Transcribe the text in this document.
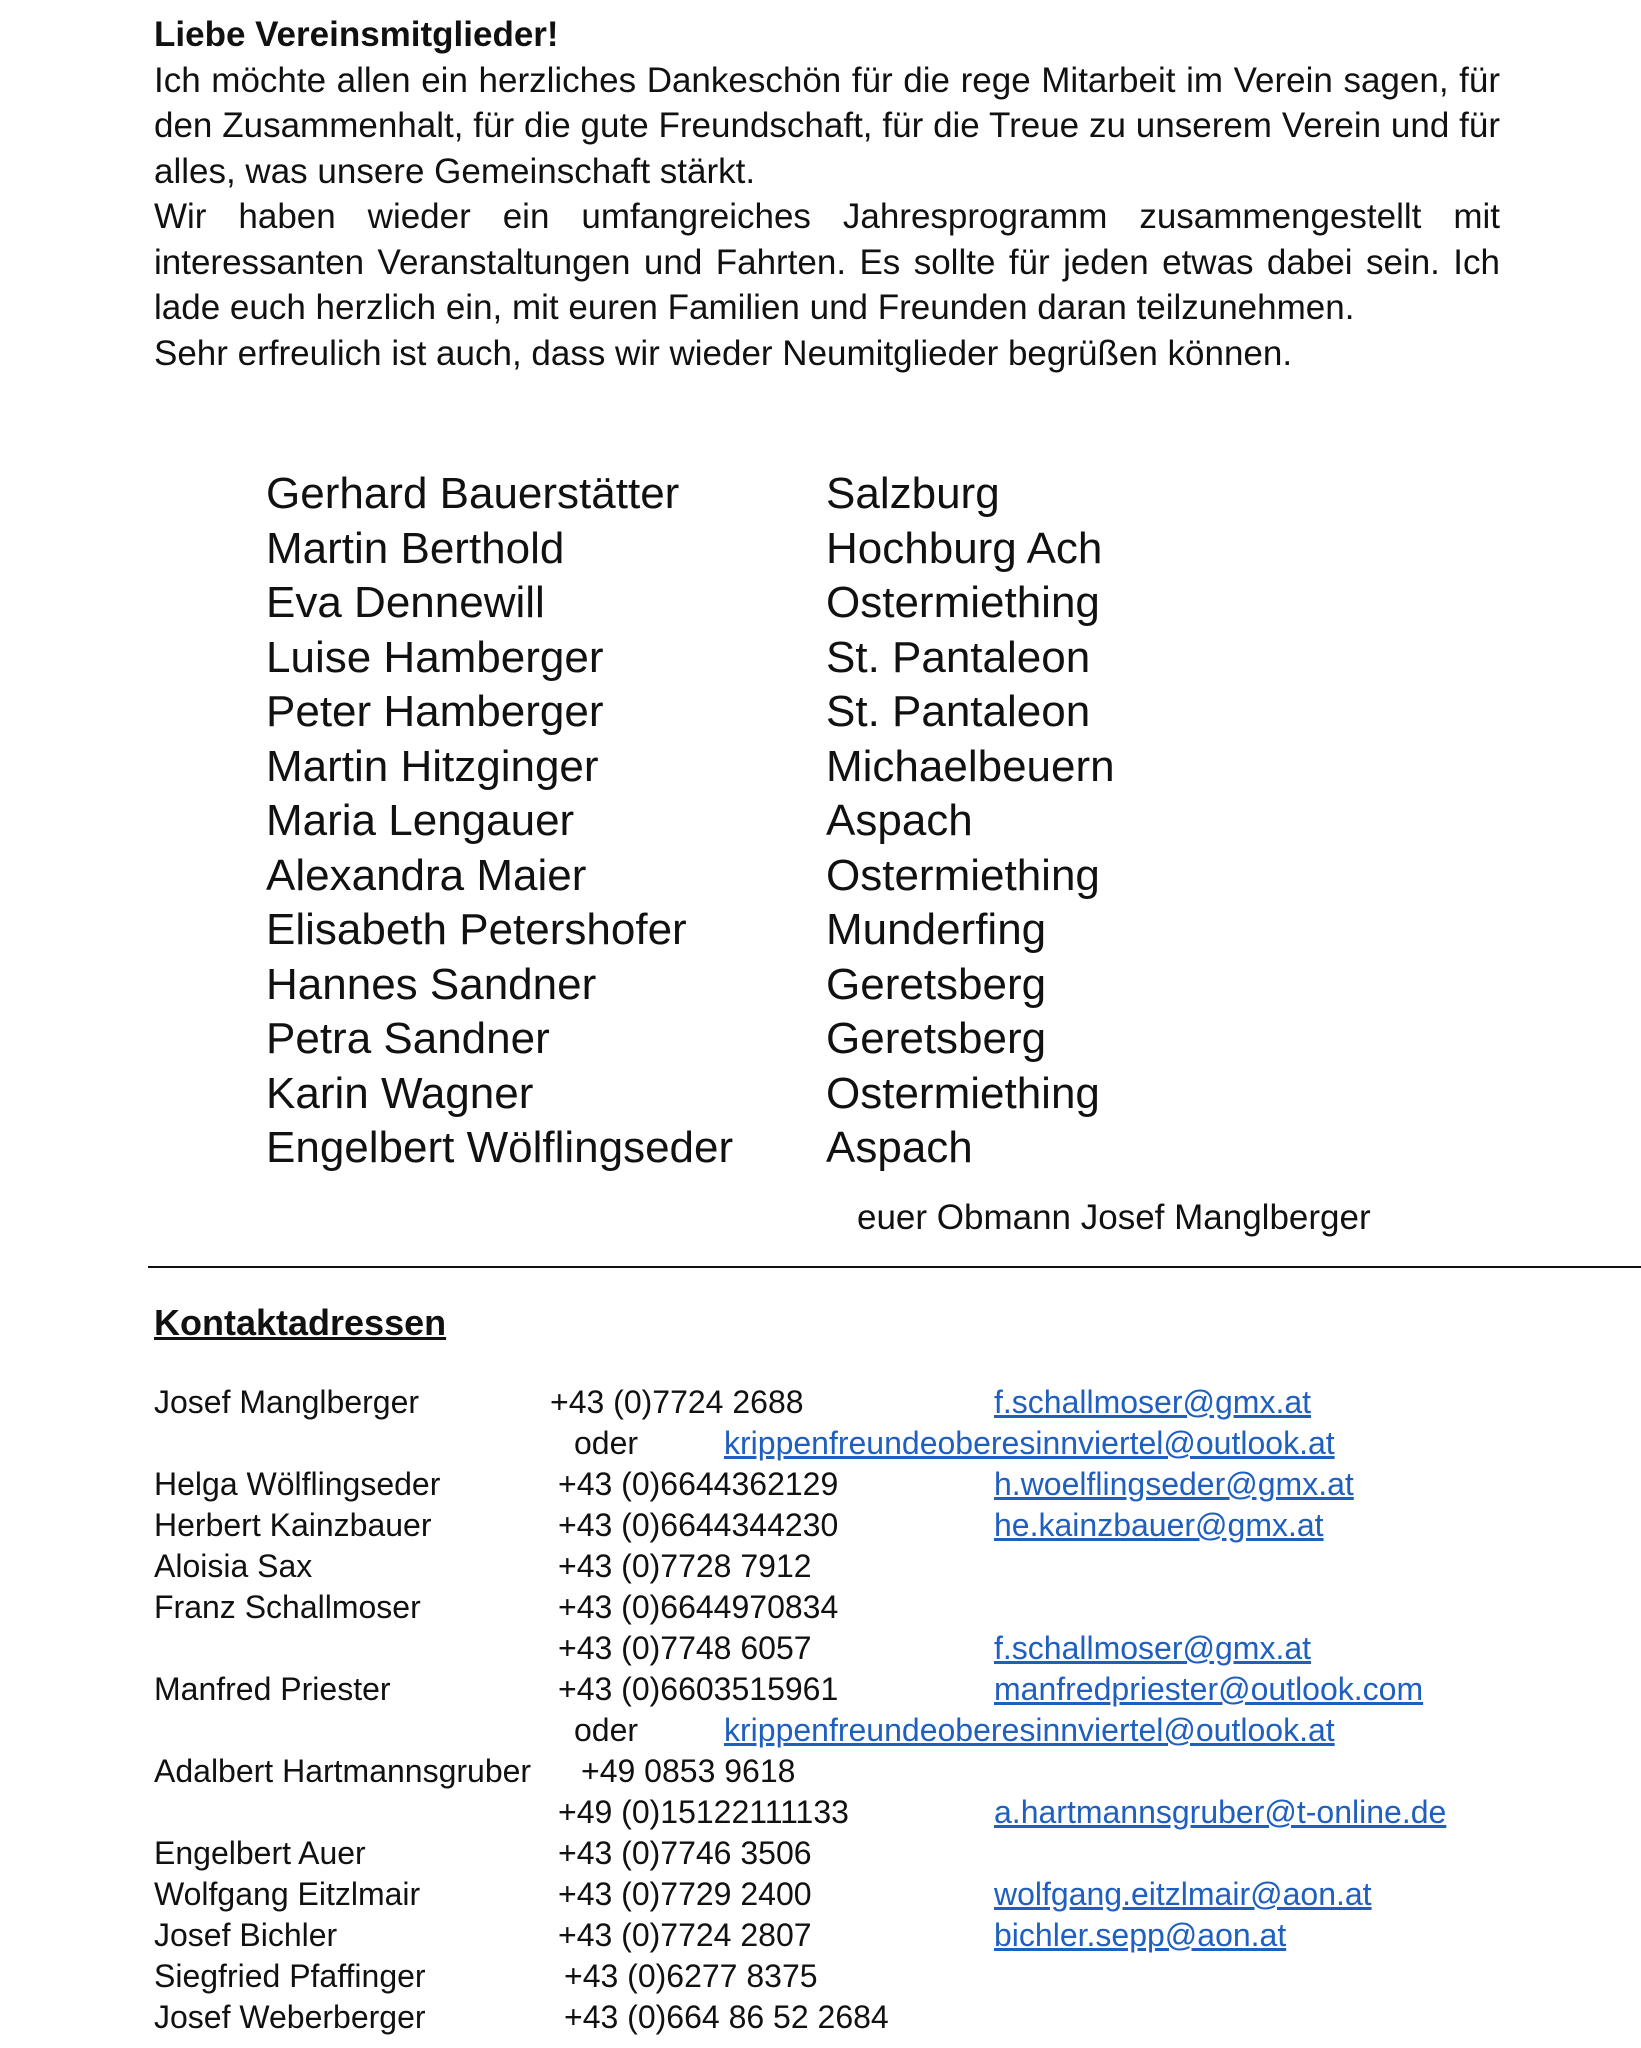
Liebe Vereinsmitglieder!

Ich möchte allen ein herzliches Dankeschön für die rege Mitarbeit im Verein sagen, für den Zusammenhalt, für die gute Freundschaft, für die Treue zu unserem Verein und für alles, was unsere Gemeinschaft stärkt.

Wir haben wieder ein umfangreiches Jahresprogramm zusammengestellt mit interessanten Veranstaltungen und Fahrten. Es sollte für jeden etwas dabei sein. Ich lade euch herzlich ein, mit euren Familien und Freunden daran teilzunehmen.

Sehr erfreulich ist auch, dass wir wieder Neumitglieder begrüßen können.

Gerhard Bauerstätter	Salzburg
Martin Berthold	Hochburg Ach
Eva Dennewill	Ostermiething
Luise Hamberger	St. Pantaleon
Peter Hamberger	St. Pantaleon
Martin Hitzginger	Michaelbeuern
Maria Lengauer	Aspach
Alexandra Maier	Ostermiething
Elisabeth Petershofer	Munderfing
Hannes Sandner	Geretsberg
Petra Sandner	Geretsberg
Karin Wagner	Ostermiething
Engelbert Wölflingseder	Aspach
euer Obmann Josef Manglberger
Kontaktadressen
Josef Manglberger	+43 (0)7724 2688	f.schallmoser@gmx.at
oder	krippenfreundeoberesinnviertel@outlook.at
Helga Wölflingseder	+43 (0)6644362129	h.woelflingseder@gmx.at
Herbert Kainzbauer	+43 (0)6644344230	he.kainzbauer@gmx.at
Aloisia Sax	+43 (0)7728 7912
Franz Schallmoser	+43 (0)6644970834
+43 (0)7748 6057	f.schallmoser@gmx.at
Manfred Priester	+43 (0)6603515961	manfredpriester@outlook.com
oder	krippenfreundeoberesinnviertel@outlook.at
Adalbert Hartmannsgruber +49 0853 9618
+49 (0)15122111133	a.hartmannsgruber@t-online.de
Engelbert Auer	+43 (0)7746 3506
Wolfgang Eitzlmair	+43 (0)7729 2400	wolfgang.eitzlmair@aon.at
Josef Bichler	+43 (0)7724 2807	bichler.sepp@aon.at
Siegfried Pfaffinger	+43 (0)6277 8375
Josef Weberberger	+43 (0)664 86 52 2684
